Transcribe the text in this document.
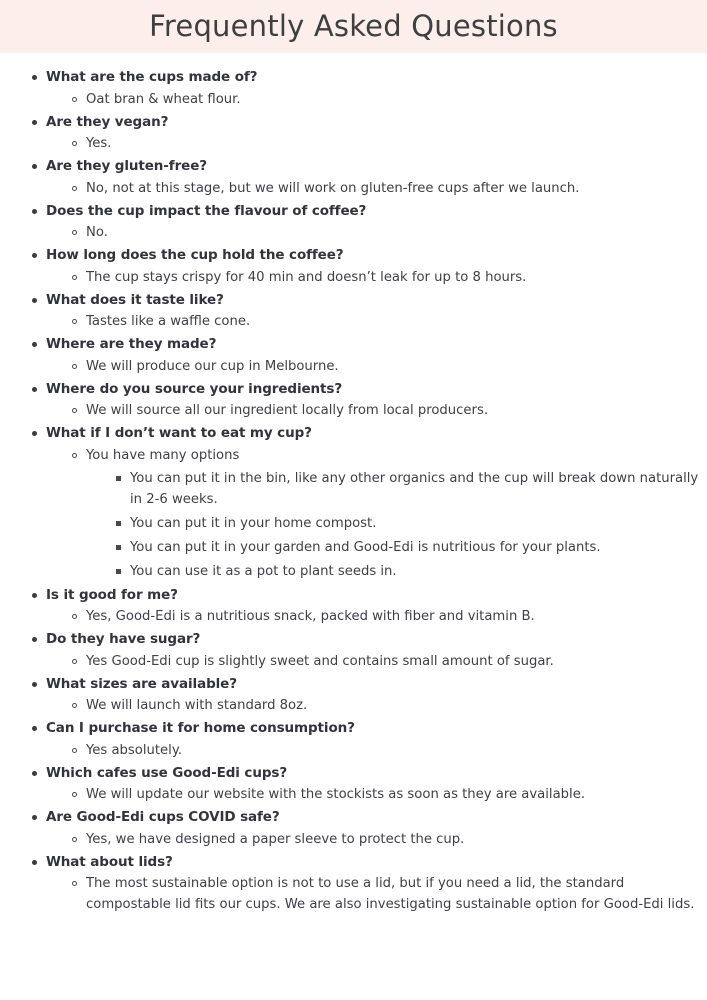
Frequently Asked Questions
What are the cups made of?
Oat bran & wheat flour.
Are they vegan?
Yes.
Are they gluten-free?
No, not at this stage, but we will work on gluten-free cups after we launch.
Does the cup impact the flavour of coffee?
No.
How long does the cup hold the coffee?
The cup stays crispy for 40 min and doesn’t leak for up to 8 hours.
What does it taste like?
Tastes like a waffle cone.
Where are they made?
We will produce our cup in Melbourne.
Where do you source your ingredients?
We will source all our ingredient locally from local producers.
What if I don’t want to eat my cup?
You have many options
You can put it in the bin, like any other organics and the cup will break down naturally in 2-6 weeks.
You can put it in your home compost.
You can put it in your garden and Good-Edi is nutritious for your plants.
You can use it as a pot to plant seeds in.
Is it good for me?
Yes, Good-Edi is a nutritious snack, packed with fiber and vitamin B.
Do they have sugar?
Yes Good-Edi cup is slightly sweet and contains small amount of sugar.
What sizes are available?
We will launch with standard 8oz.
Can I purchase it for home consumption?
Yes absolutely.
Which cafes use Good-Edi cups?
We will update our website with the stockists as soon as they are available.
Are Good-Edi cups COVID safe?
Yes, we have designed a paper sleeve to protect the cup.
What about lids?
The most sustainable option is not to use a lid, but if you need a lid, the standard compostable lid fits our cups. We are also investigating sustainable option for Good-Edi lids.
